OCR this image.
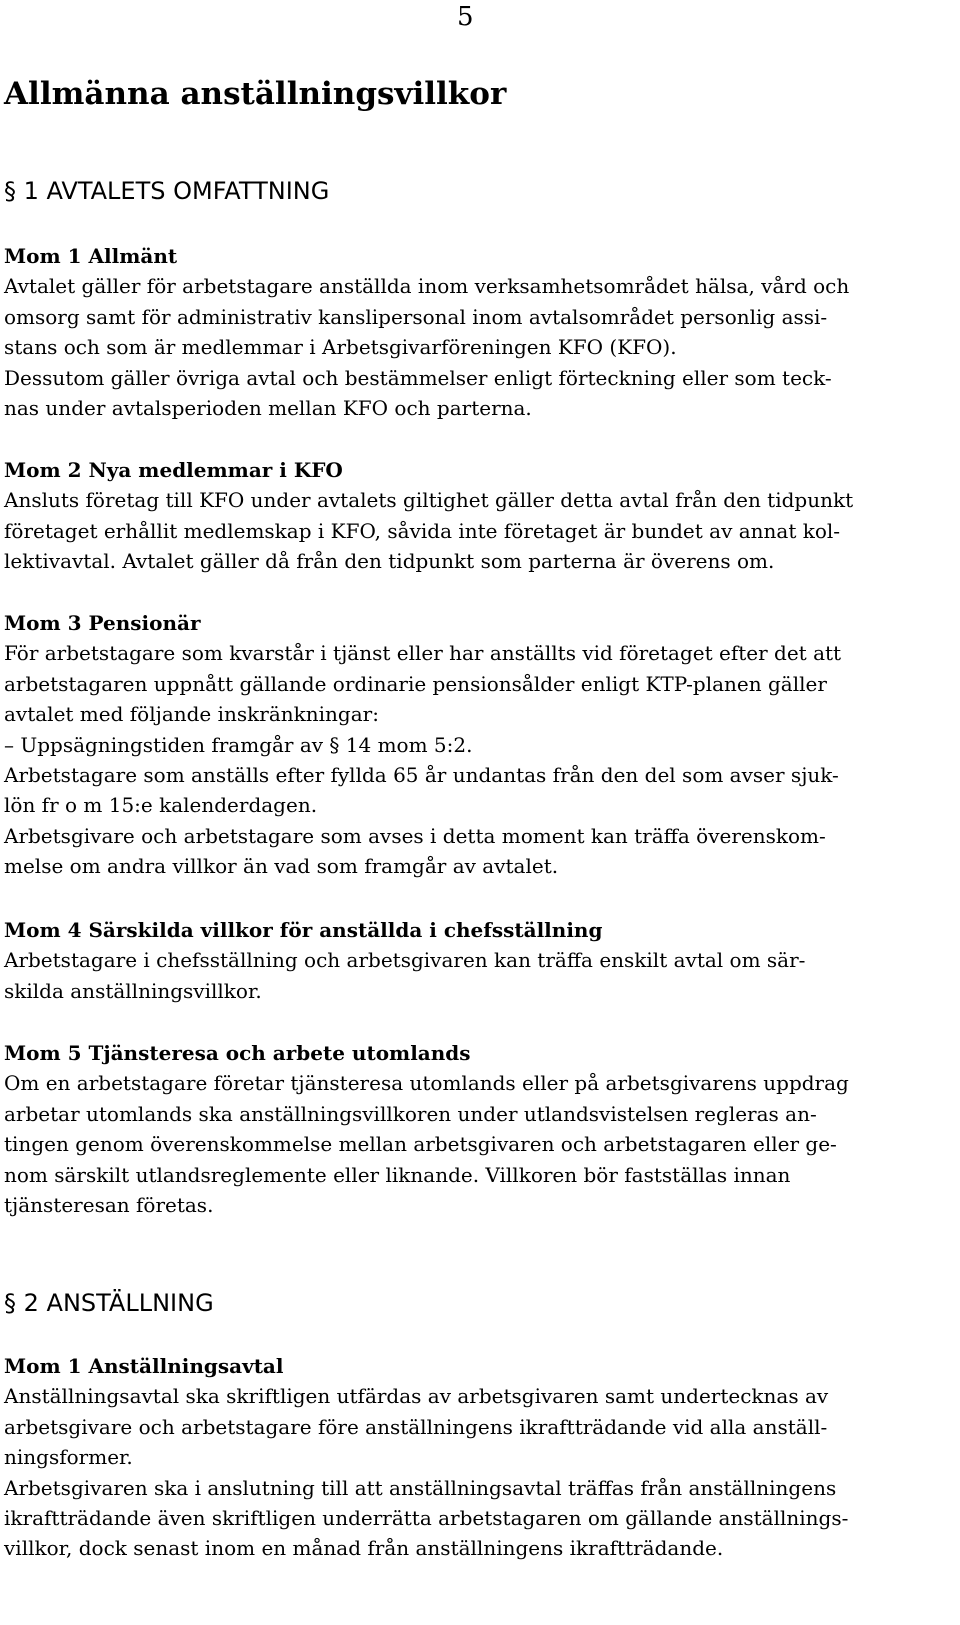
5
Allmänna anställningsvillkor
§ 1 AVTALETS OMFATTNING
Mom 1 Allmänt

Avtalet gäller för arbetstagare anställda inom verksamhetsområdet hälsa, vård och
omsorg samt för administrativ kanslipersonal inom avtalsområdet personlig assi-
stans och som är medlemmar i Arbetsgivarföreningen KFO (KFO).
Dessutom gäller övriga avtal och bestämmelser enligt förteckning eller som teck-
nas under avtalsperioden mellan KFO och parterna.

Mom 2 Nya medlemmar i KFO

Ansluts företag till KFO under avtalets giltighet gäller detta avtal från den tidpunkt
företaget erhållit medlemskap i KFO, såvida inte företaget är bundet av annat kol-
lektivavtal. Avtalet gäller då från den tidpunkt som parterna är överens om.

Mom 3 Pensionär

För arbetstagare som kvarstår i tjänst eller har anställts vid företaget efter det att
arbetstagaren uppnått gällande ordinarie pensionsålder enligt KTP-planen gäller
avtalet med följande inskränkningar:
– Uppsägningstiden framgår av § 14 mom 5:2.
Arbetstagare som anställs efter fyllda 65 år undantas från den del som avser sjuk-
lön fr o m 15:e kalenderdagen.
Arbetsgivare och arbetstagare som avses i detta moment kan träffa överenskom-
melse om andra villkor än vad som framgår av avtalet.

Mom 4 Särskilda villkor för anställda i chefsställning

Arbetstagare i chefsställning och arbetsgivaren kan träffa enskilt avtal om sär-
skilda anställningsvillkor.

Mom 5 Tjänsteresa och arbete utomlands

Om en arbetstagare företar tjänsteresa utomlands eller på arbetsgivarens uppdrag
arbetar utomlands ska anställningsvillkoren under utlandsvistelsen regleras an-
tingen genom överenskommelse mellan arbetsgivaren och arbetstagaren eller ge-
nom särskilt utlandsreglemente eller liknande. Villkoren bör fastställas innan
tjänsteresan företas.

§ 2 ANSTÄLLNING
Mom 1 Anställningsavtal

Anställningsavtal ska skriftligen utfärdas av arbetsgivaren samt undertecknas av
arbetsgivare och arbetstagare före anställningens ikraftträdande vid alla anställ-
ningsformer.
Arbetsgivaren ska i anslutning till att anställningsavtal träffas från anställningens
ikraftträdande även skriftligen underrätta arbetstagaren om gällande anställnings-
villkor, dock senast inom en månad från anställningens ikraftträdande.
